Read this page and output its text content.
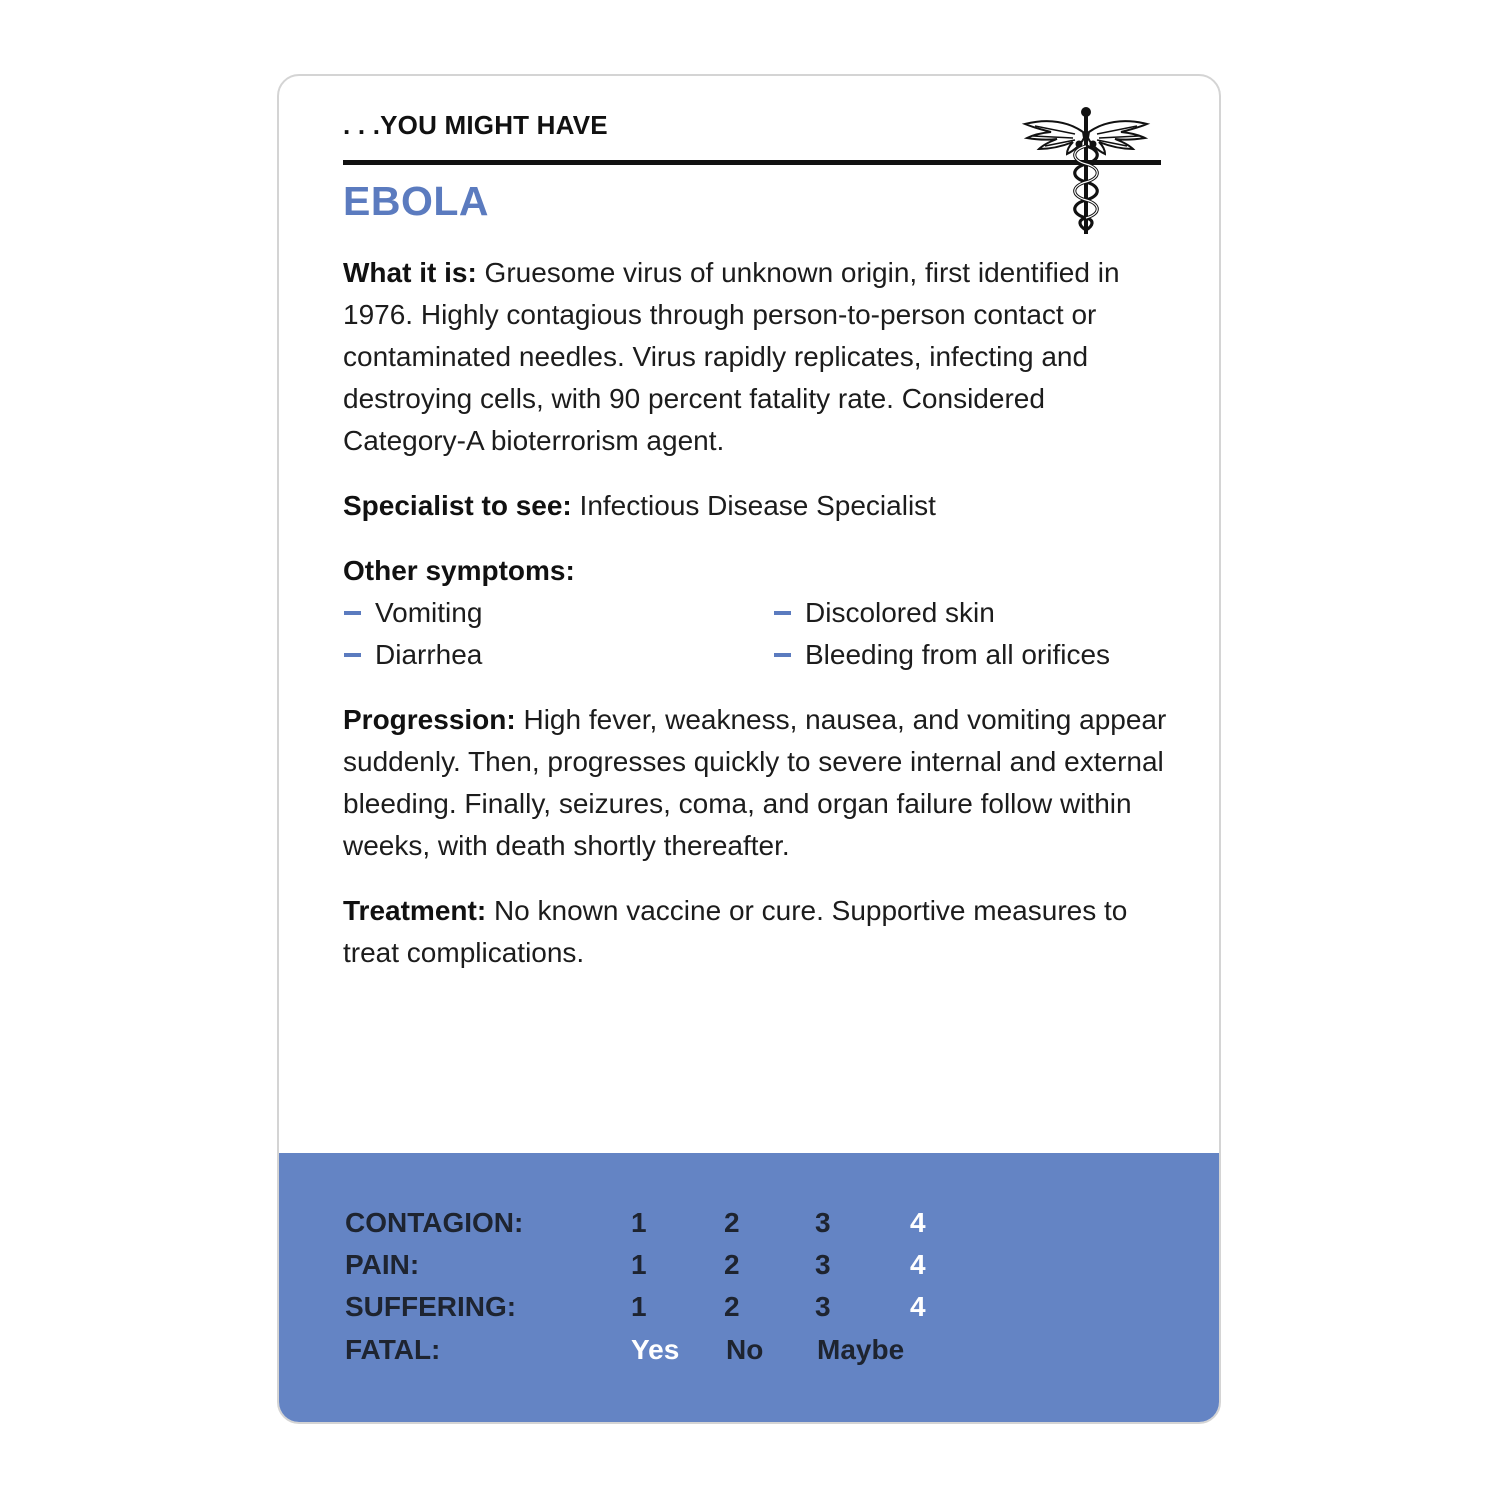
. . .YOU MIGHT HAVE
EBOLA

What it is: Gruesome virus of unknown origin, first identified in 1976. Highly contagious through person-to-person contact or contaminated needles. Virus rapidly replicates, infecting and destroying cells, with 90 percent fatality rate. Considered Category-A bioterrorism agent.

Specialist to see: Infectious Disease Specialist

Other symptoms:

Vomiting	Discolored skin
Diarrhea	Bleeding from all orifices

Progression: High fever, weakness, nausea, and vomiting appear suddenly. Then, progresses quickly to severe internal and external bleeding. Finally, seizures, coma, and organ failure follow within weeks, with death shortly thereafter.

Treatment: No known vaccine or cure. Supportive measures to treat complications.

CONTAGION:	1	2	3	4
PAIN:	1	2	3	4
SUFFERING:	1	2	3	4
FATAL:	Yes No Maybe
